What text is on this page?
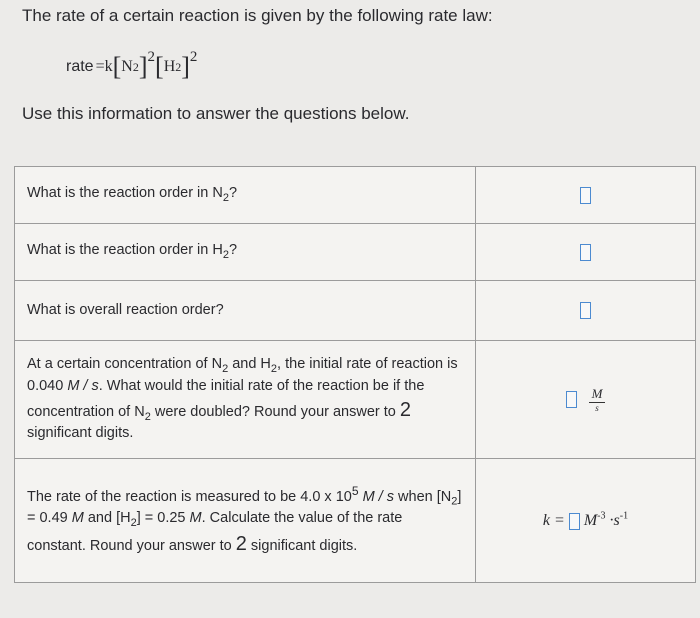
The rate of a certain reaction is given by the following rate law:
rate = k [ N 2 ]$^2$ [ H 2 ]$^2$
Use this information to answer the questions below.
What is the reaction order in $N_2$?	
What is the reaction order in $H_2$?	
What is overall reaction order?	
At a certain concentration of $N_2$ and $H_2$, the initial rate of reaction is 0.040 M / s. What would the initial rate of the reaction be if the concentration of $N_2$ were doubled? Round your answer to 2 significant digits.	$\frac{M}{s}$

The rate of the reaction is measured to be 4.0 x $10^5$ M / s when $[N_2] = 0.49$ M and $[H_2] = 0.25$ M. Calculate the value of the rate constant. Round your answer to 2 significant digits.	$k = M^{-3} \cdot s^{-1}$
